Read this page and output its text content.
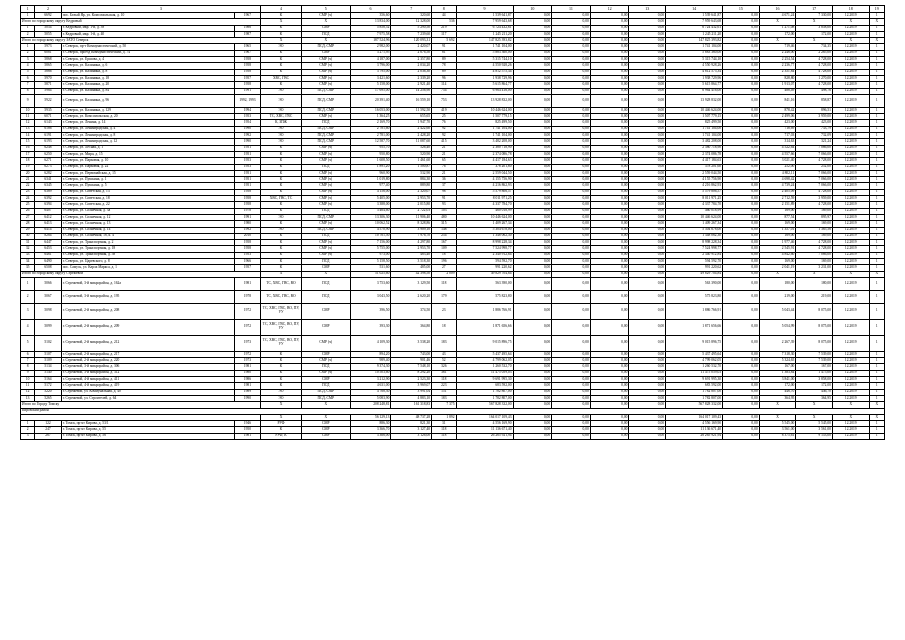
1	2	3		4	5	6	7	8	9	10	11	12	13	14	15	16	17	18	19
1	6692	пос. Белый Яр, ул. Комсомольская, д. 10	1967	К	СМР (ч)	356,60	320,60	44	1 539 641,87	0,00	0,00	0,00	0,00	1 539 641,87	0,00	4 671,24	7 330,00	12.2019	1
Итого по городскому округу Кедровый				X	X	13 834,00	12 328,00	536	7 959 643,68	0,00	0,00	0,00	0,00	7 959 643,68	0,00	X	X	X	X
1	5054	г. Кедровый, мкр. 1-й, д. 39	1986	К	СМР	5 858,52	5 290,50	219	6 724 432,61	0,00	0,00	0,00	0,00	6 724 432,61	0,00	1 271,08	3 858,00	12.2019	1
2	5055	г. Кедровый, мкр. 1-й, д. 40	1987	К	ПСД	7 975,58	7 239,60	117	1 245 211,20	0,00	0,00	0,00	0,00	1 245 211,20	0,00	172,00	172,00	12.2019	1
Итого по городскому округу ЗАТО Северск				X	X	187 524,96	120 093,31	5 692	147 825 393,82	0,00	0,00	0,00	0,00	147 825 393,82	0,00	X	X	X	X
1	5973	г. Северск, пр-т Коммунистический, д. 50	1965	ЭО	ПСД, СМР	2 982,00	2 420,07	91	1 741 104,00	0,00	0,00	0,00	0,00	1 741 104,00	0,00	719,46	734,35	12.2019	1
2	6081	г. Северск, проезд Коммунистический, д. 74	1967	К	СМР	3 271,95	2 676,50	81	5 883 360,00	0,00	0,00	0,00	0,00	5 883 360,00	0,00	2 246,00	2 285,00	12.2019	1
3	5868	г. Северск, ул. Ершова, д. 4	1958	К	СМР (ч)	4 187,00	2 357,80	89	5 315 744,10	0,00	0,00	0,00	0,00	5 315 744,10	0,00	2 254,54	4 728,00	12.2019	1
4	5865	г. Северск, ул. Калинина, д. 6	1958	К	СМР (ч)	3 796,00	2 034,20	78	4 550 928,26	0,00	0,00	0,00	0,00	4 550 928,26	0,00	2 236,77	4 728,00	12.2019	1
5	5866	г. Северск, ул. Калинина, д. 8	1958	К	СМР (ч)	3 795,00	2 036,30	89	4 812 575,34	0,00	0,00	0,00	0,00	4 812 575,34	0,00	2 351,84	4 728,00	12.2019	1
6	5970	г. Северск, ул. Калинина, д. 18	1957	ХВС, ГВС	СМР (ч)	3 421,60	2 339,20	96	1 938 729,96	0,00	0,00	0,00	0,00	1 938 729,96	0,00	828,80	1 270,00	12.2019	1
7	5871	г. Северск, ул. Калинина, д. 20	1958	К	СМР (ч)	5 158,00	2 921,40	114	5 615 864,77	0,00	0,00	0,00	0,00	5 615 864,77	0,00	1 913,07	4 728,00	12.2019	1
8	5984	г. Северск, ул. Калинина, д. 84	1991	ЭО	ПСД, СМР	17 695,00	14 256,90	754	6 964 416,00	0,00	0,00	0,00	0,00	6 964 416,00	0,00	488,49	498,76	12.2019	1
9	5922	г. Северск, ул. Калинина, д. 96	1992, 1993	ЭО	ПСД, СМР	20 391,40	16 559,10	753	13 928 832,00	0,00	0,00	0,00	0,00	13 928 832,00	0,00	841,16	858,87	12.2019	1
10	5935	г. Северск, ул. Калинина, д. 129	1994	ЭО	ПСД, СМР	16 053,00	11 592,50	419	10 446 624,00	0,00	0,00	0,00	0,00	10 446 624,00	0,00	878,42	896,51	12.2019	1
11	6071	г. Северск, ул. Комсомольская, д. 20	1953	ТС, ХВС, ГВС	СМР (ч)	1 364,25	655,65	25	1 507 779,15	0,00	0,00	0,00	0,00	1 507 779,15	0,00	2 499,06	3 959,00	12.2019	1
12	6143	г. Северск, ул. Ленина, д. 14	1954	К, ЗПЖ	ПСД	2 169,70	1 947,70	76	825 499,50	0,00	0,00	0,00	0,00	825 499,50	0,00	423,00	423,00	12.2019	1
13	6186	г. Северск, ул. Ленинградская, д. 4	1990	ЭО	ПСД, СМР	2 781,60	2 422,60	92	1 741 104,00	0,00	0,00	0,00	0,00	1 741 104,00	0,00	718,69	733,79	12.2019	1
14	6191	г. Северск, ул. Ленинградская, д. 8	1992	ЭО	ПСД, СМР	2 781,00	2 428,20	92	1 741 104,00	0,00	0,00	0,00	0,00	1 741 104,00	0,00	717,03	732,09	12.2019	1
15	6193	г. Северск, ул. Ленинградская, д. 12	1990	ЭО	ПСД, СМР	12 587,70	11 087,60	415	3 482 208,00	0,00	0,00	0,00	0,00	3 482 208,00	0,00	314,63	321,24	12.2019	1
16	6248	г. Северск, ул. Лесная, д. 1	1951	К	СМР (ч)	955,70	526,40	21	2 380 718,90	0,00	0,00	0,00	0,00	2 380 718,90	0,00	4 522,64	7 066,00	12.2019	1
17	6250	г. Северск, ул. Мира, д. 15	1951	К	СМР (ч)	950,80	520,90	21	2 374 086,78	0,00	0,00	0,00	0,00	2 374 086,78	0,00	4 557,66	7 066,00	12.2019	1
18	6271	г. Северск, ул. Парковая, д. 10	1953	К	СМР (ч)	1 608,50	1 461,60	65	4 417 184,63	0,00	0,00	0,00	0,00	4 417 184,63	0,00	3 021,40	4 728,00	12.2019	1
19	6273	г. Северск, ул. Парковая, д. 22	1953	К	ПСД	1 891,20	1 500,87	76	378 201,60	0,00	0,00	0,00	0,00	378 201,60	0,00	252,00	252,00	12.2019	1
20	6282	г. Северск, ул. Первомайская, д. 15	1951	К	СМР (ч)	960,90	532,90	21	2 559 044,50	0,00	0,00	0,00	0,00	2 559 044,50	0,00	4 802,11	7 066,00	12.2019	1
21	6341	г. Северск, ул. Пушкина, д. 1	1951	К	СМР (ч)	1 019,80	884,30	36	4 155 756,90	0,00	0,00	0,00	0,00	4 155 756,90	0,00	4 698,42	7 066,00	12.2019	1
22	6345	г. Северск, ул. Пушкина, д. 5	1951	К	СМР (ч)	977,40	889,80	37	4 216 862,93	0,00	0,00	0,00	0,00	4 216 862,93	0,00	4 739,24	7 066,00	12.2019	1
23	6389	г. Северск, ул. Советская, д. 13	1958	К	СМР (ч)	4 156,00	2 320,07	98	5 579 806,57	0,00	0,00	0,00	0,00	5 579 806,57	0,00	2 405,09	4 728,00	12.2019	1
24	6392	г. Северск, ул. Советская, д. 18	1958	ХВС, ГВС, ТС	СМР (ч)	5 405,00	2 953,70	91	8 011 971,25	0,00	0,00	0,00	0,00	8 011 971,25	0,00	2 712,59	3 959,00	12.2019	1
25	6394	г. Северск, ул. Советская, д. 22	1958	К	СМР (ч)	3 388,00	2 015,80	93	4 337 784,70	0,00	0,00	0,00	0,00	4 337 784,70	0,00	2 151,89	4 728,00	12.2019	1
26	6407	г. Северск, ул. Солнечная, д. 3а	1978	К	ПСД	3 464,60	2 722,03	103	460 018,99	0,00	0,00	0,00	0,00	460 018,99	0,00	169,00	169,00	12.2019	1
27	6412	г. Северск, ул. Солнечная, д. 12	1991	ЭО	ПСД, СМР	13 306,30	11 906,40	480	10 446 624,00	0,00	0,00	0,00	0,00	10 446 624,00	0,00	877,54	895,97	12.2019	1
28	6413	г. Северск, ул. Солнечная, д. 13	1980	К	СМР (ч)	10 062,52	8 328,86	315	1 409 267,34	0,00	0,00	0,00	0,00	1 409 267,34	0,00	169,00	169,00	12.2019	1
29	6414	г. Северск, ул. Солнечная, д. 14	1992	ЭО	ПСД, СМР	4 570,90	3 909,10	148	5 304 678,00	0,00	0,00	0,00	0,00	5 304 678,00	0,00	1 357,01	1 385,56	12.2019	1
30	8284	г. Северск, ул. Солнечная, 16, к. 4	2010	К	ПСД	10 761,50	7 976,70	254	1 348 062,30	0,00	0,00	0,00	0,00	1 348 062,30	0,00	169,00	169,00	12.2019	1
31	6447	г. Северск, ул. Транспортная, д. 2	1958	К	СМР (ч)	7 156,00	4 297,80	167	8 998 228,34	0,00	0,00	0,00	0,00	8 998 228,34	0,00	1 977,46	4 728,00	12.2019	1
32	6453	г. Северск, ул. Транспортная, д. 18	1958	К	СМР (ч)	5 755,00	2 953,70	109	7 524 998,77	0,00	0,00	0,00	0,00	7 524 998,77	0,00	2 545,91	4 728,00	12.2019	1
33	6461	г. Северск, ул. Транспортная, д. 58	1953	К	СМР (ч)	973,00	483,40	18	2 340 912,84	0,00	0,00	0,00	0,00	2 340 912,84	0,00	4 842,60	7 066,00	12.2019	1
34	6490	г. Северск, ул. Царевского, д. 8	1966	К	ПСД	5 158,50	3 518,30	196	594 592,70	0,00	0,00	0,00	0,00	594 592,70	0,00	169,00	169,00	12.2019	1
35	6508	пос. Самусь, ул. Карла Маркса, д. 1	1957	К	СМР	531,60	485,00	27	991 220,62	0,00	0,00	0,00	0,00	991 220,62	0,00	2 041,19	3 231,00	12.2019	1
Итого по городскому округу Стрежевой				X	X	51 025,60	42 398,50	2 009	49 829 704,84	0,00	0,00	0,00	0,00	49 829 704,84	0,00	X	X	X	X
1	5066	г. Стрежевой, 3-й микрорайон, д. 162а	1981	ТС, ХВС, ГВС, ВО	ПСД	3 753,60	3 129,50	118	563 390,00	0,00	0,00	0,00	0,00	563 390,00	0,00	180,00	180,00	12.2019	1
2	5067	г. Стрежевой, 3-й микрорайон, д. 195	1978	ТС, ХВС, ГВС, ВО	ПСД	3 043,50	2 620,20	179	575 823,80	0,00	0,00	0,00	0,00	575 823,80	0,00	219,00	219,00	12.2019	1
3	5098	г. Стрежевой, 2-й микрорайон, д. 208	1972	ТС, ХВС, ГВС, ВО, ПУ, УУ	СМР	396,50	374,50	23	1 886 766,91	0,00	0,00	0,00	0,00	1 886 766,91	0,00	5 043,44	8 075,00	12.2019	1
4	5099	г. Стрежевой, 2-й микрорайон, д. 209	1972	ТС, ХВС, ГВС, ВО, ПУ, УУ	СМР	393,30	364,80	18	1 871 656,66	0,00	0,00	0,00	0,00	1 871 656,66	0,00	5 054,99	8 075,00	12.2019	1
5	5102	г. Стрежевой, 2-й микрорайон, д. 212	1973	ТС, ХВС, ГВС, ВО, ПУ, УУ	СМР (ч)	4 109,30	3 538,20	183	9 015 896,75	0,00	0,00	0,00	0,00	9 015 896,75	0,00	2 267,39	8 075,00	12.2019	1
6	5107	г. Стрежевой, 2-й микрорайон, д. 217	1972	К	СМР	894,20	743,00	43	5 437 495,64	0,00	0,00	0,00	0,00	5 437 495,64	0,00	7 318,30	7 539,00	12.2019	1
7	5109	г. Стрежевой, 2-й микрорайон, д. 220	1973	К	СМР (ч)	989,40	901,46	52	4 799 062,05	0,00	0,00	0,00	0,00	4 799 062,05	0,00	5 324,65	7 539,00	12.2019	1
8	5134	г. Стрежевой, 3-й микрорайон, д. 306	1981	К	ПСД	9 374,30	7 548,10	326	1 260 532,70	0,00	0,00	0,00	0,00	1 260 532,70	0,00	167,00	167,00	12.2019	1
9	5140	г. Стрежевой, 3-й микрорайон, д. 312	1980	К	СМР (ч)	10 503,60	8 292,20	361	11 475 059,03	0,00	0,00	0,00	0,00	11 475 059,03	0,00	1 383,84	1 475,00	12.2019	1
10	5164	г. Стрежевой, 4-й микрорайон, д. 411	1986	К	СМР	3 212,90	2 523,30	118	9 691 995,30	0,00	0,00	0,00	0,00	9 691 995,30	0,00	3 841,00	3 858,00	12.2019	1
11	5172	г. Стрежевой, 4-й микрорайон, д. 419	1981	К	ПСД	4 631,00	3 969,07	223	683 592,00	0,00	0,00	0,00	0,00	683 592,00	0,00	172,00	172,00	12.2019	1
12	5220	г. Стрежевой, ул. Коммунальная, д. 40	1989	ЭО	ПСД, СМР	4 768,30	3 991,04	151	1 782 807,00	0,00	0,00	0,00	0,00	1 782 807,00	0,00	446,70	446,70	12.2019	1
13	5265	г. Стрежевой, ул. Строителей, д. 64	1990	ЭО	ПСД, СМР	5 083,90	4 883,10	183	1 782 807,00	0,00	0,00	0,00	0,00	1 782 807,00	0,00	364,95	364,95	12.2019	1
Итого по Городу Томску				X	X	208 248,81	161 318,83	7 375	567 828 332,00	0,00	0,00	0,00	0,00	567 828 332,00	0,00	X	X	X	X
Кировский район																			
				X	X	56 129,13	48 737,28	1 892	164 017 109,43	0,00	0,00	0,00	0,00	164 017 109,43	0,00	X	X	X	X
1	122	г. Томск, пр-кт Кирова, д. 53/1	1946	РУФ	СМР	886,30	821,30	31	4 556 169,90	0,00	0,00	0,00	0,00	4 556 169,90	0,00	5 545,00	5 545,00	12.2019	1
2	247	г. Томск, пр-кт Кирова, д. 55	1950	К	СМР	3 366,70	3 127,40	118	11 136 671,40	0,00	0,00	0,00	0,00	11 136 671,40	0,00	3 561,00	3 561,00	12.2019	1
3	267	г. Томск, пр-кт Кирова, д. 56	1981	РУФ, К	СМР	3 366,00	3 126,00	118	26 265 921,94	0,00	0,00	0,00	0,00	26 265 921,94	0,00	8 375,61	9 153,00	12.2019	1
